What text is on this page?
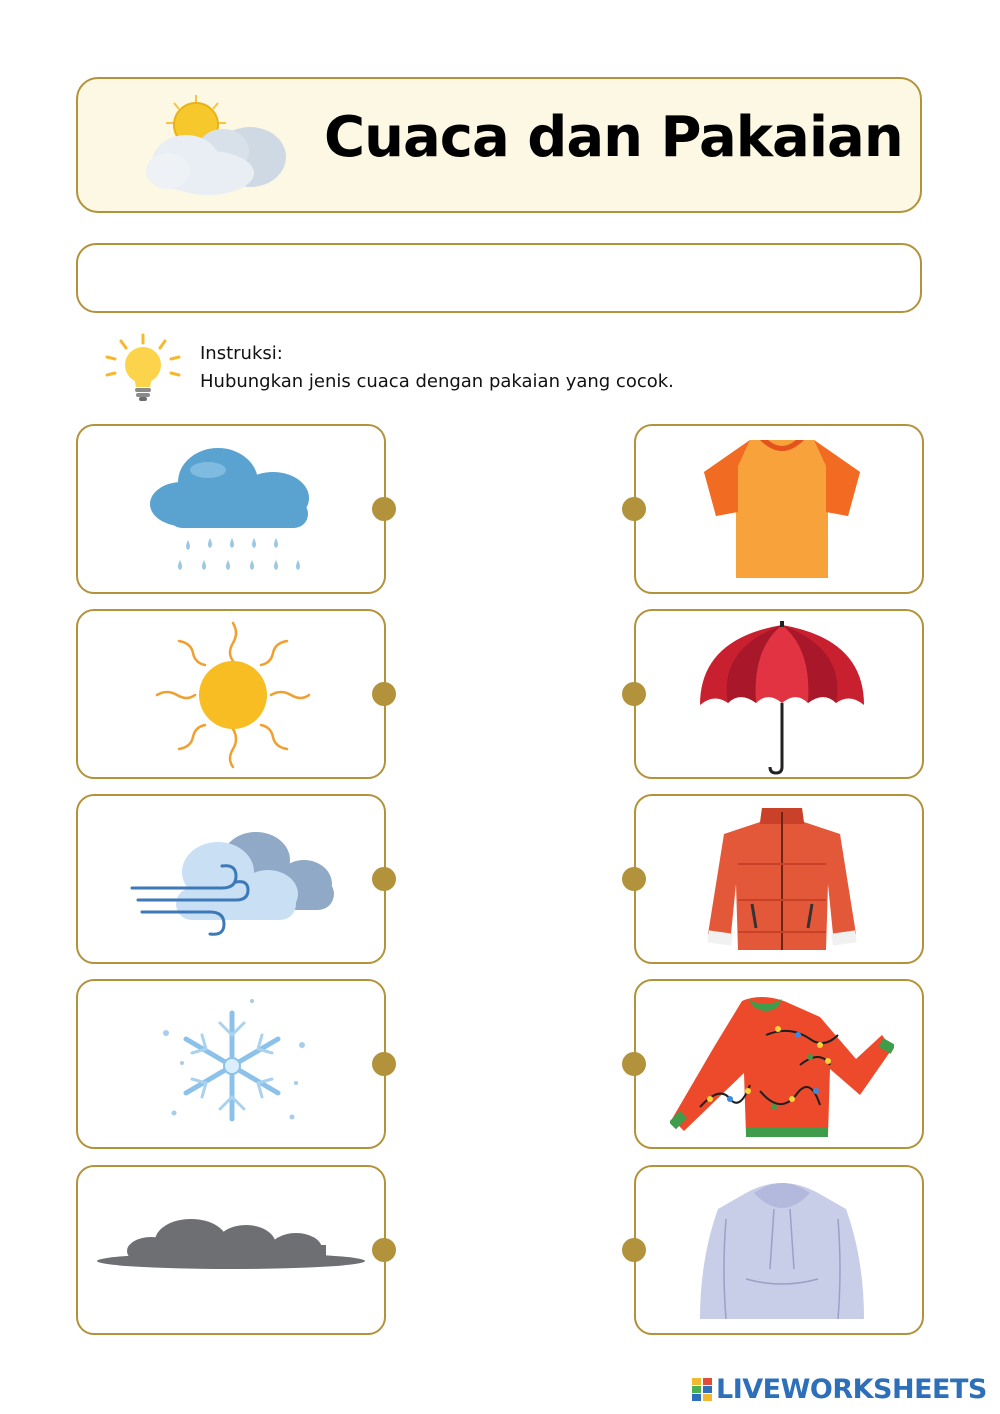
Cuaca dan Pakaian
Instruksi:
Hubungkan jenis cuaca dengan pakaian yang cocok.
LIVEWORKSHEETS
